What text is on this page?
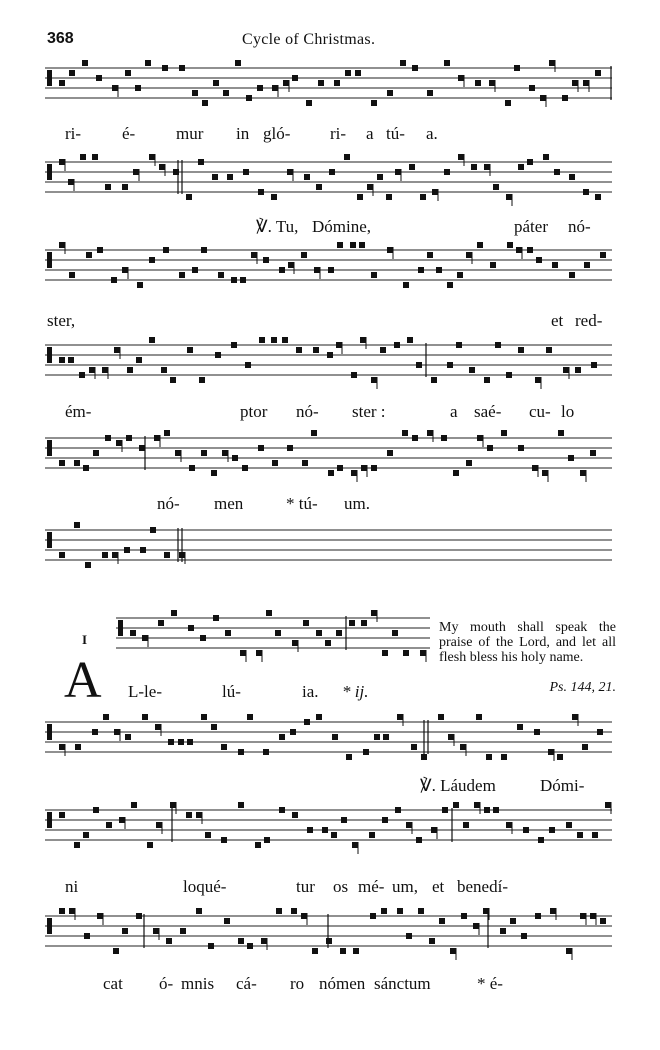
368	Cycle of Christmas.
ri- é- mur in gló- ri- a tú- a.
℣. Tu, Dómine,	páter nó-
ster,	et red-
ém-	ptor nó- ster :	a saé- cu- lo
nó- men	* tú- um.
I
A L-le-	lú-	ia. * ij.
My mouth shall speak the praise of the Lord, and let all flesh bless his holy name.
Ps. 144, 21.
℣. Láudem	Dómi-
ni	loqué-	tur os mé- um, et benedí-
cat ó- mnis cá- ro nómen sánctum	* é-
